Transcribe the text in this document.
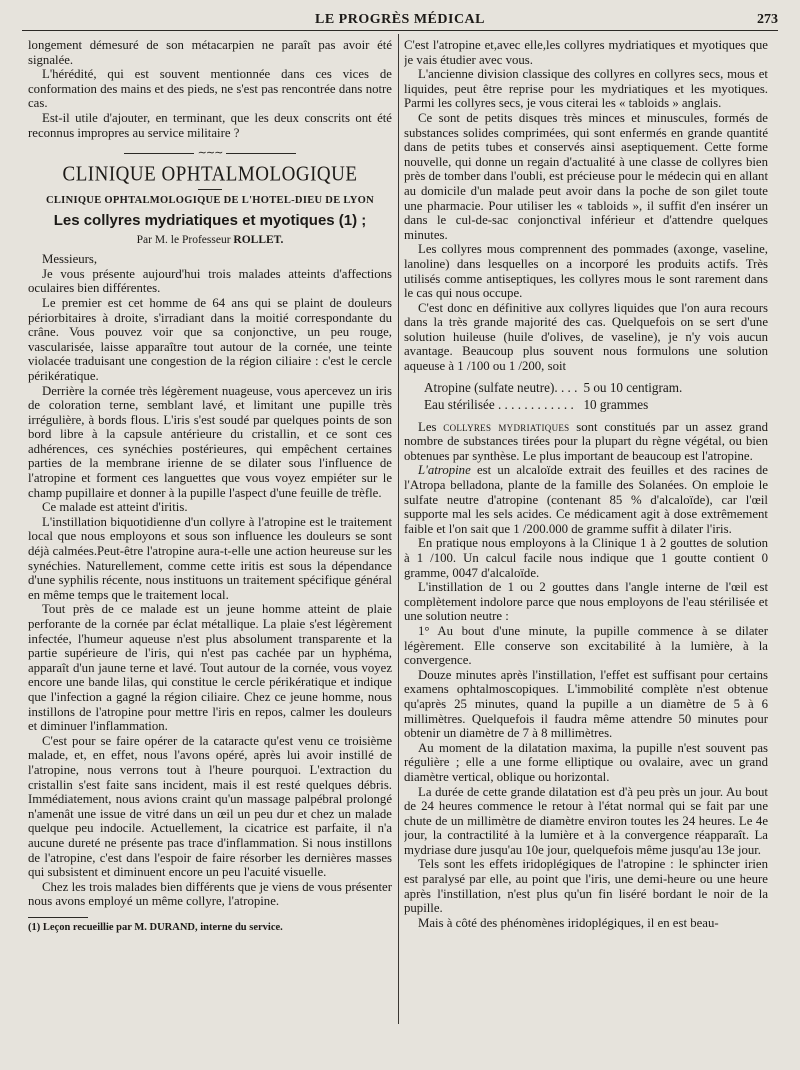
LE PROGRÈS MÉDICAL	273

longement démesuré de son métacarpien ne paraît pas avoir été signalée.

L'hérédité, qui est souvent mentionnée dans ces vices de conformation des mains et des pieds, ne s'est pas rencontrée dans notre cas.

Est-il utile d'ajouter, en terminant, que les deux conscrits ont été reconnus impropres au service militaire ?

∼∼∼
CLINIQUE OPHTALMOLOGIQUE
CLINIQUE OPHTALMOLOGIQUE DE L'HOTEL-DIEU DE LYON
Les collyres mydriatiques et myotiques (1) ;
Par M. le Professeur ROLLET.

Messieurs,

Je vous présente aujourd'hui trois malades atteints d'affections oculaires bien différentes.

Le premier est cet homme de 64 ans qui se plaint de douleurs périorbitaires à droite, s'irradiant dans la moitié correspondante du crâne. Vous pouvez voir que sa conjonctive, un peu rouge, vascularisée, laisse apparaître tout autour de la cornée, une teinte violacée traduisant une congestion de la région ciliaire : c'est le cercle périkératique.

Derrière la cornée très légèrement nuageuse, vous apercevez un iris de coloration terne, semblant lavé, et limitant une pupille très irrégulière, à bords flous. L'iris s'est soudé par quelques points de son bord libre à la capsule antérieure du cristallin, et ce sont ces adhérences, ces synéchies postérieures, qui empêchent certaines parties de la membrane irienne de se dilater sous l'influence de l'atropine et forment ces languettes que vous voyez empiéter sur le champ pupillaire et donner à la pupille l'aspect d'une feuille de trèfle.

Ce malade est atteint d'iritis.

L'instillation biquotidienne d'un collyre à l'atropine est le traitement local que nous employons et sous son influence les douleurs se sont déjà calmées.Peut-être l'atropine aura-t-elle une action heureuse sur les synéchies. Naturellement, comme cette iritis est sous la dépendance d'une syphilis récente, nous instituons un traitement spécifique général en même temps que le traitement local.

Tout près de ce malade est un jeune homme atteint de plaie perforante de la cornée par éclat métallique. La plaie s'est légèrement infectée, l'humeur aqueuse n'est plus absolument transparente et la partie supérieure de l'iris, qui n'est pas cachée par un hyphéma, apparaît d'un jaune terne et lavé. Tout autour de la cornée, vous voyez encore une bande lilas, qui constitue le cercle périkératique et indique que l'infection a gagné la région ciliaire. Chez ce jeune homme, nous instillons de l'atropine pour mettre l'iris en repos, calmer les douleurs et diminuer l'inflammation.

C'est pour se faire opérer de la cataracte qu'est venu ce troisième malade, et, en effet, nous l'avons opéré, après lui avoir instillé de l'atropine, nous verrons tout à l'heure pourquoi. L'extraction du cristallin s'est faite sans incident, mais il est resté quelques débris. Immédiatement, nous avions craint qu'un massage palpébral prolongé n'amenât une issue de vitré dans un œil un peu dur et chez un malade quelque peu indocile. Actuellement, la cicatrice est parfaite, il n'a aucune dureté ne présente pas trace d'inflammation. Si nous instillons de l'atropine, c'est dans l'espoir de faire résorber les dernières masses qui subsistent et diminuent encore un peu l'acuité visuelle.

Chez les trois malades bien différents que je viens de vous présenter nous avons employé un même collyre, l'atropine.

(1) Leçon recueillie par M. DURAND, interne du service.

C'est l'atropine et,avec elle,les collyres mydriatiques et myotiques que je vais étudier avec vous.

L'ancienne division classique des collyres en collyres secs, mous et liquides, peut être reprise pour les mydriatiques et les myotiques. Parmi les collyres secs, je vous citerai les « tabloids » anglais.

Ce sont de petits disques très minces et minuscules, formés de substances solides comprimées, qui sont enfermés en grande quantité dans de petits tubes et conservés ainsi aseptiquement. Cette forme nouvelle, qui donne un regain d'actualité à une classe de collyres bien près de tomber dans l'oubli, est précieuse pour le médecin qui en allant au domicile d'un malade peut avoir dans la poche de son gilet toute une pharmacie. Pour utiliser les « tabloids », il suffit d'en insérer un dans le cul-de-sac conjonctival inférieur et d'attendre quelques minutes.

Les collyres mous comprennent des pommades (axonge, vaseline, lanoline) dans lesquelles on a incorporé les produits actifs. Très utilisés comme antiseptiques, les collyres mous le sont rarement dans le cas qui nous occupe.

C'est donc en définitive aux collyres liquides que l'on aura recours dans la très grande majorité des cas. Quelquefois on se sert d'une solution huileuse (huile d'olives, de vaseline), je n'y vois aucun avantage. Beaucoup plus souvent nous formulons une solution aqueuse à 1 /100 ou 1 /200, soit

Atropine (sulfate neutre). . . .	5 ou 10 centigram.
Eau stérilisée . . . . . . . . . . . .	10 grammes

Les collyres mydriatiques sont constitués par un assez grand nombre de substances tirées pour la plupart du règne végétal, ou bien obtenues par synthèse. Le plus important de beaucoup est l'atropine.

L'atropine est un alcaloïde extrait des feuilles et des racines de l'Atropa belladona, plante de la famille des Solanées. On emploie le sulfate neutre d'atropine (contenant 85 % d'alcaloïde), car l'œil supporte mal les sels acides. Ce médicament agit à dose extrêmement faible et l'on sait que 1 /200.000 de gramme suffit à dilater l'iris.

En pratique nous employons à la Clinique 1 à 2 gouttes de solution à 1 /100. Un calcul facile nous indique que 1 goutte contient 0 gramme, 0047 d'alcaloïde.

L'instillation de 1 ou 2 gouttes dans l'angle interne de l'œil est complètement indolore parce que nous employons de l'eau stérilisée et une solution neutre :

1° Au bout d'une minute, la pupille commence à se dilater légèrement. Elle conserve son excitabilité à la lumière, à la convergence.

Douze minutes après l'instillation, l'effet est suffisant pour certains examens ophtalmoscopiques. L'immobilité complète n'est obtenue qu'après 25 minutes, quand la pupille a un diamètre de 5 à 6 millimètres. Quelquefois il faudra même attendre 50 minutes pour obtenir un diamètre de 7 à 8 millimètres.

Au moment de la dilatation maxima, la pupille n'est souvent pas régulière ; elle a une forme elliptique ou ovalaire, avec un grand diamètre vertical, oblique ou horizontal.

La durée de cette grande dilatation est d'à peu près un jour. Au bout de 24 heures commence le retour à l'état normal qui se fait par une chute de un millimètre de diamètre environ toutes les 24 heures. Le 4e jour, la contractilité à la lumière et à la convergence réapparaît. La mydriase dure jusqu'au 10e jour, quelquefois même jusqu'au 13e jour.

Tels sont les effets iridoplégiques de l'atropine : le sphincter irien est paralysé par elle, au point que l'iris, une demi-heure ou une heure après l'instillation, n'est plus qu'un fin liséré bordant le noir de la pupille.

Mais à côté des phénomènes iridoplégiques, il en est beau-
